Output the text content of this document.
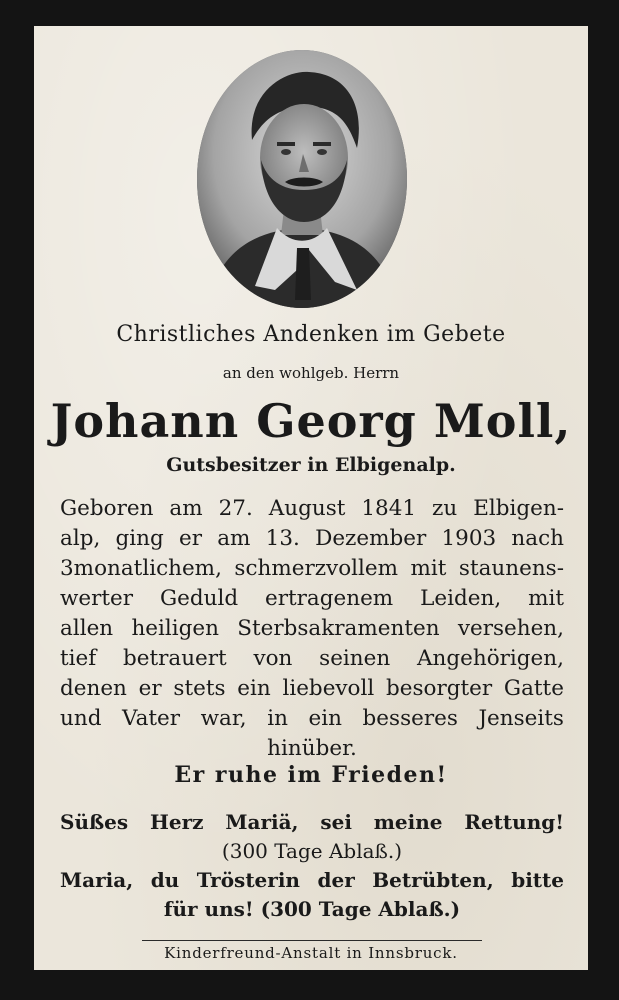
Christliches Andenken im Gebete
an den wohlgeb. Herrn
Johann Georg Moll,
Gutsbesitzer in Elbigenalp.
Geboren am 27. August 1841 zu Elbigen-
alp, ging er am 13. Dezember 1903 nach
3monatlichem, schmerzvollem mit staunens-
werter Geduld ertragenem Leiden, mit
allen heiligen Sterbsakramenten versehen,
tief betrauert von seinen Angehörigen,
denen er stets ein liebevoll besorgter Gatte
und Vater war, in ein besseres Jenseits
hinüber.
Er ruhe im Frieden!
Süßes Herz Mariä, sei meine Rettung!
(300 Tage Ablaß.)
Maria, du Trösterin der Betrübten, bitte
für uns! (300 Tage Ablaß.)
Kinderfreund-Anstalt in Innsbruck.
